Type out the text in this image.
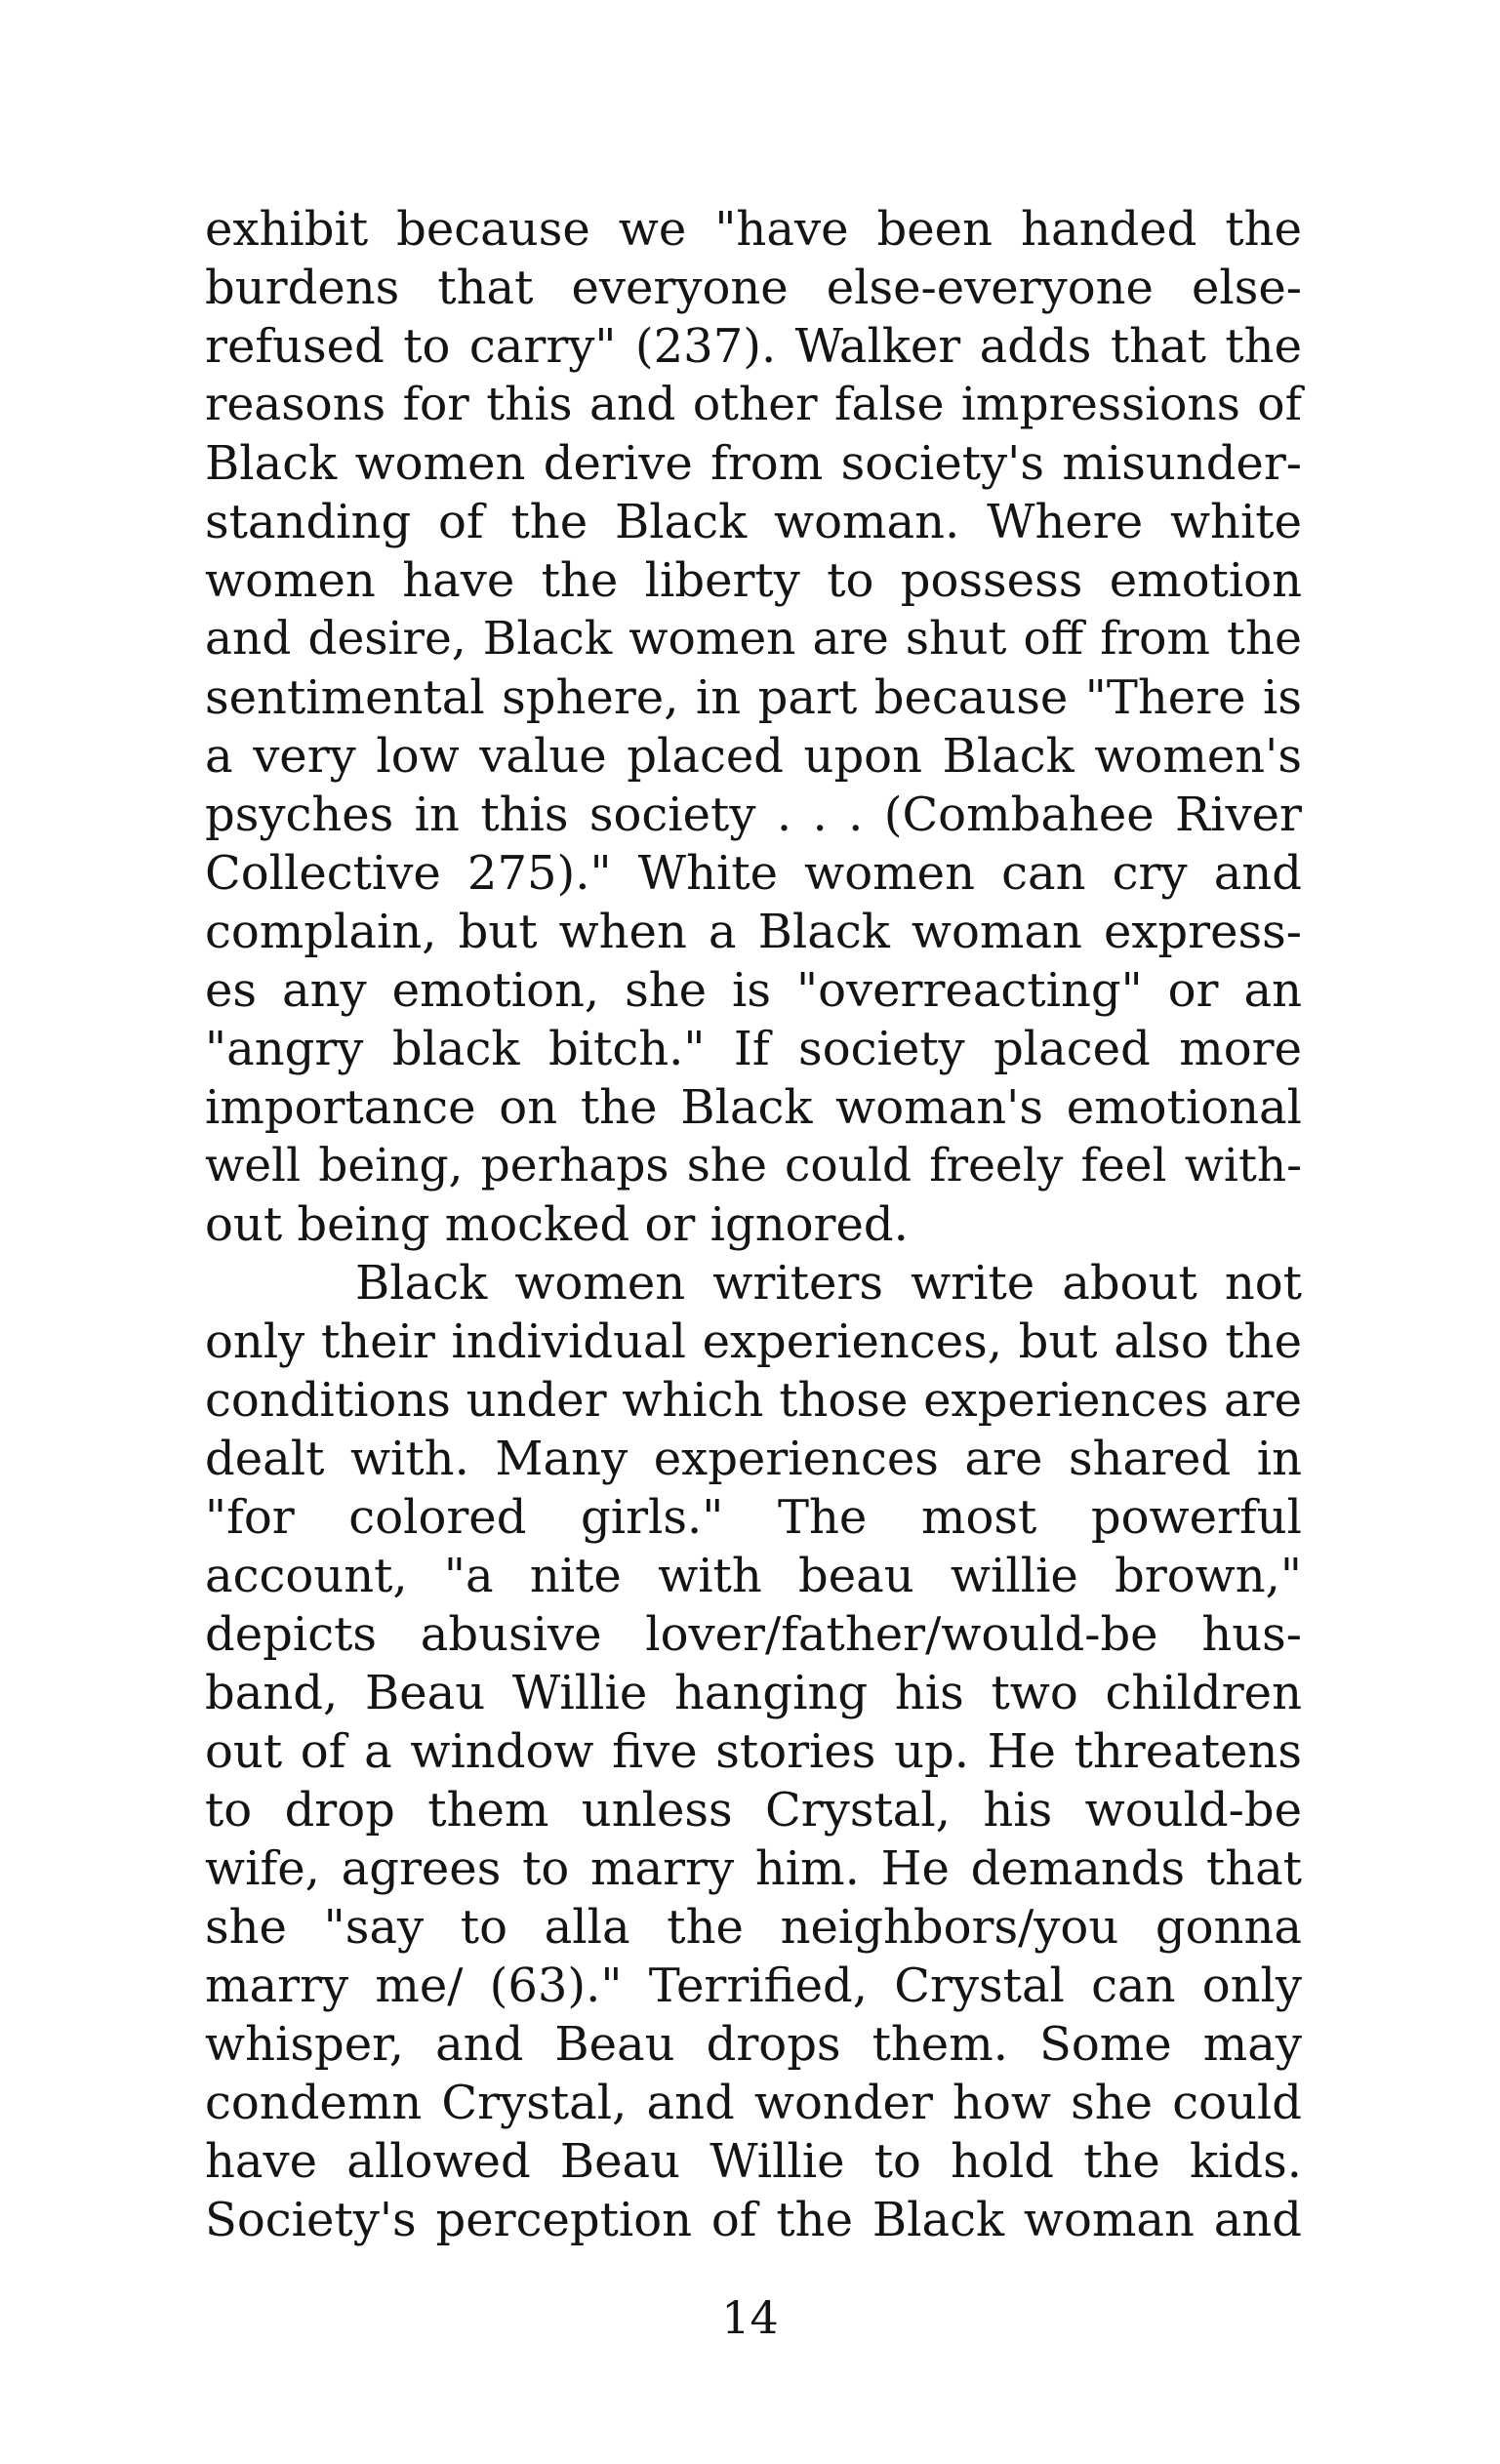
exhibit because we "have been handed the
burdens that everyone else-everyone else-
refused to carry" (237). Walker adds that the
reasons for this and other false impressions of
Black women derive from society's misunder-
standing of the Black woman. Where white
women have the liberty to possess emotion
and desire, Black women are shut off from the
sentimental sphere, in part because "There is
a very low value placed upon Black women's
psyches in this society . . . (Combahee River
Collective 275)." White women can cry and
complain, but when a Black woman express-
es any emotion, she is "overreacting" or an
"angry black bitch." If society placed more
importance on the Black woman's emotional
well being, perhaps she could freely feel with-
out being mocked or ignored.
Black women writers write about not
only their individual experiences, but also the
conditions under which those experiences are
dealt with. Many experiences are shared in
"for colored girls." The most powerful
account, "a nite with beau willie brown,"
depicts abusive lover/father/would-be hus-
band, Beau Willie hanging his two children
out of a window five stories up. He threatens
to drop them unless Crystal, his would-be
wife, agrees to marry him. He demands that
she "say to alla the neighbors/you gonna
marry me/ (63)." Terrified, Crystal can only
whisper, and Beau drops them. Some may
condemn Crystal, and wonder how she could
have allowed Beau Willie to hold the kids.
Society's perception of the Black woman and
14
